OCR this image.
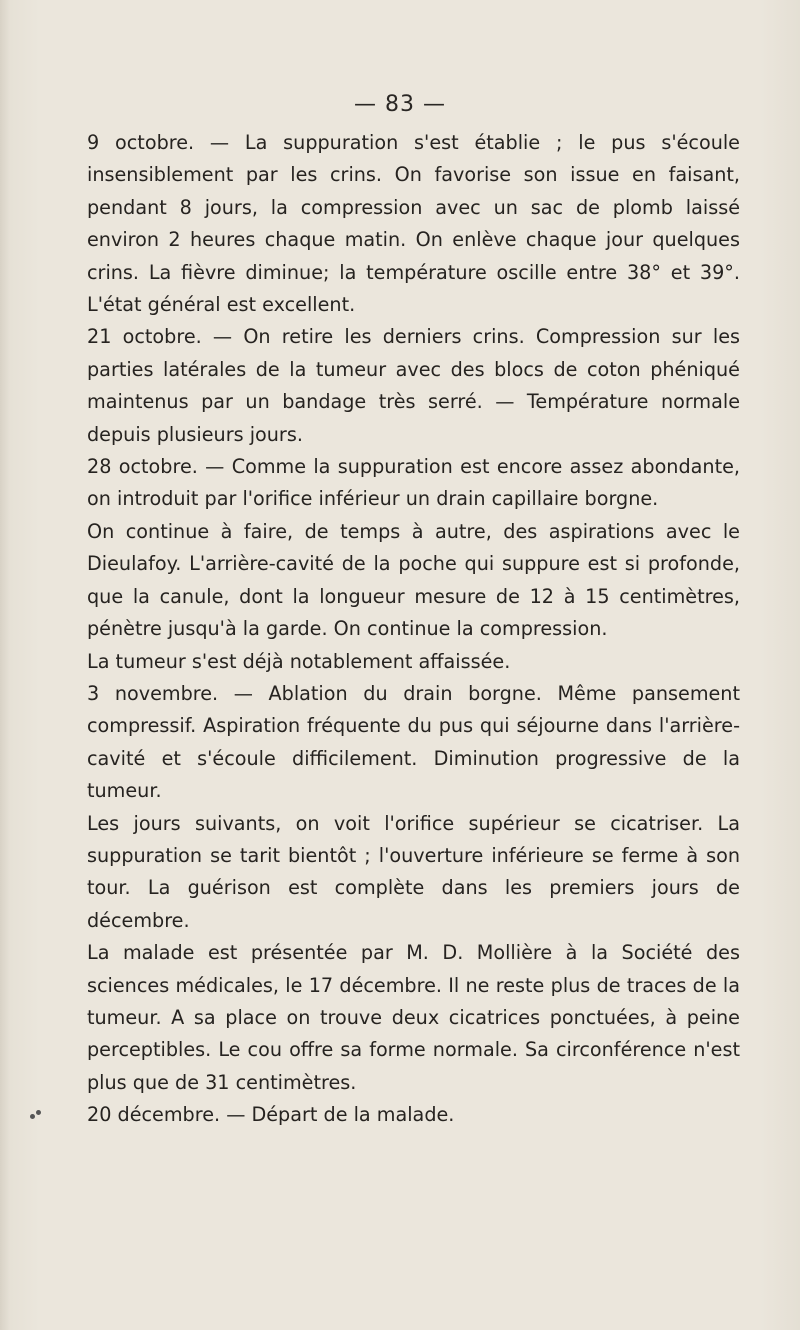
— 83 —

9 octobre. — La suppuration s'est établie ; le pus s'écoule insensiblement par les crins. On favorise son issue en faisant, pendant 8 jours, la compression avec un sac de plomb laissé environ 2 heures chaque matin. On enlève chaque jour quelques crins. La fièvre diminue; la température oscille entre 38° et 39°. L'état général est excellent.

21 octobre. — On retire les derniers crins. Compression sur les parties latérales de la tumeur avec des blocs de coton phéniqué maintenus par un bandage très serré. — Température normale depuis plusieurs jours.

28 octobre. — Comme la suppuration est encore assez abondante, on introduit par l'orifice inférieur un drain capillaire borgne.

On continue à faire, de temps à autre, des aspirations avec le Dieulafoy. L'arrière-cavité de la poche qui suppure est si profonde, que la canule, dont la longueur mesure de 12 à 15 centimètres, pénètre jusqu'à la garde. On continue la compression.

La tumeur s'est déjà notablement affaissée.

3 novembre. — Ablation du drain borgne. Même pansement compressif. Aspiration fréquente du pus qui séjourne dans l'arrière-cavité et s'écoule difficilement. Diminution progressive de la tumeur.

Les jours suivants, on voit l'orifice supérieur se cicatriser. La suppuration se tarit bientôt ; l'ouverture inférieure se ferme à son tour. La guérison est complète dans les premiers jours de décembre.

La malade est présentée par M. D. Mollière à la Société des sciences médicales, le 17 décembre. Il ne reste plus de traces de la tumeur. A sa place on trouve deux cicatrices ponctuées, à peine perceptibles. Le cou offre sa forme normale. Sa circonférence n'est plus que de 31 centimètres.

20 décembre. — Départ de la malade.
